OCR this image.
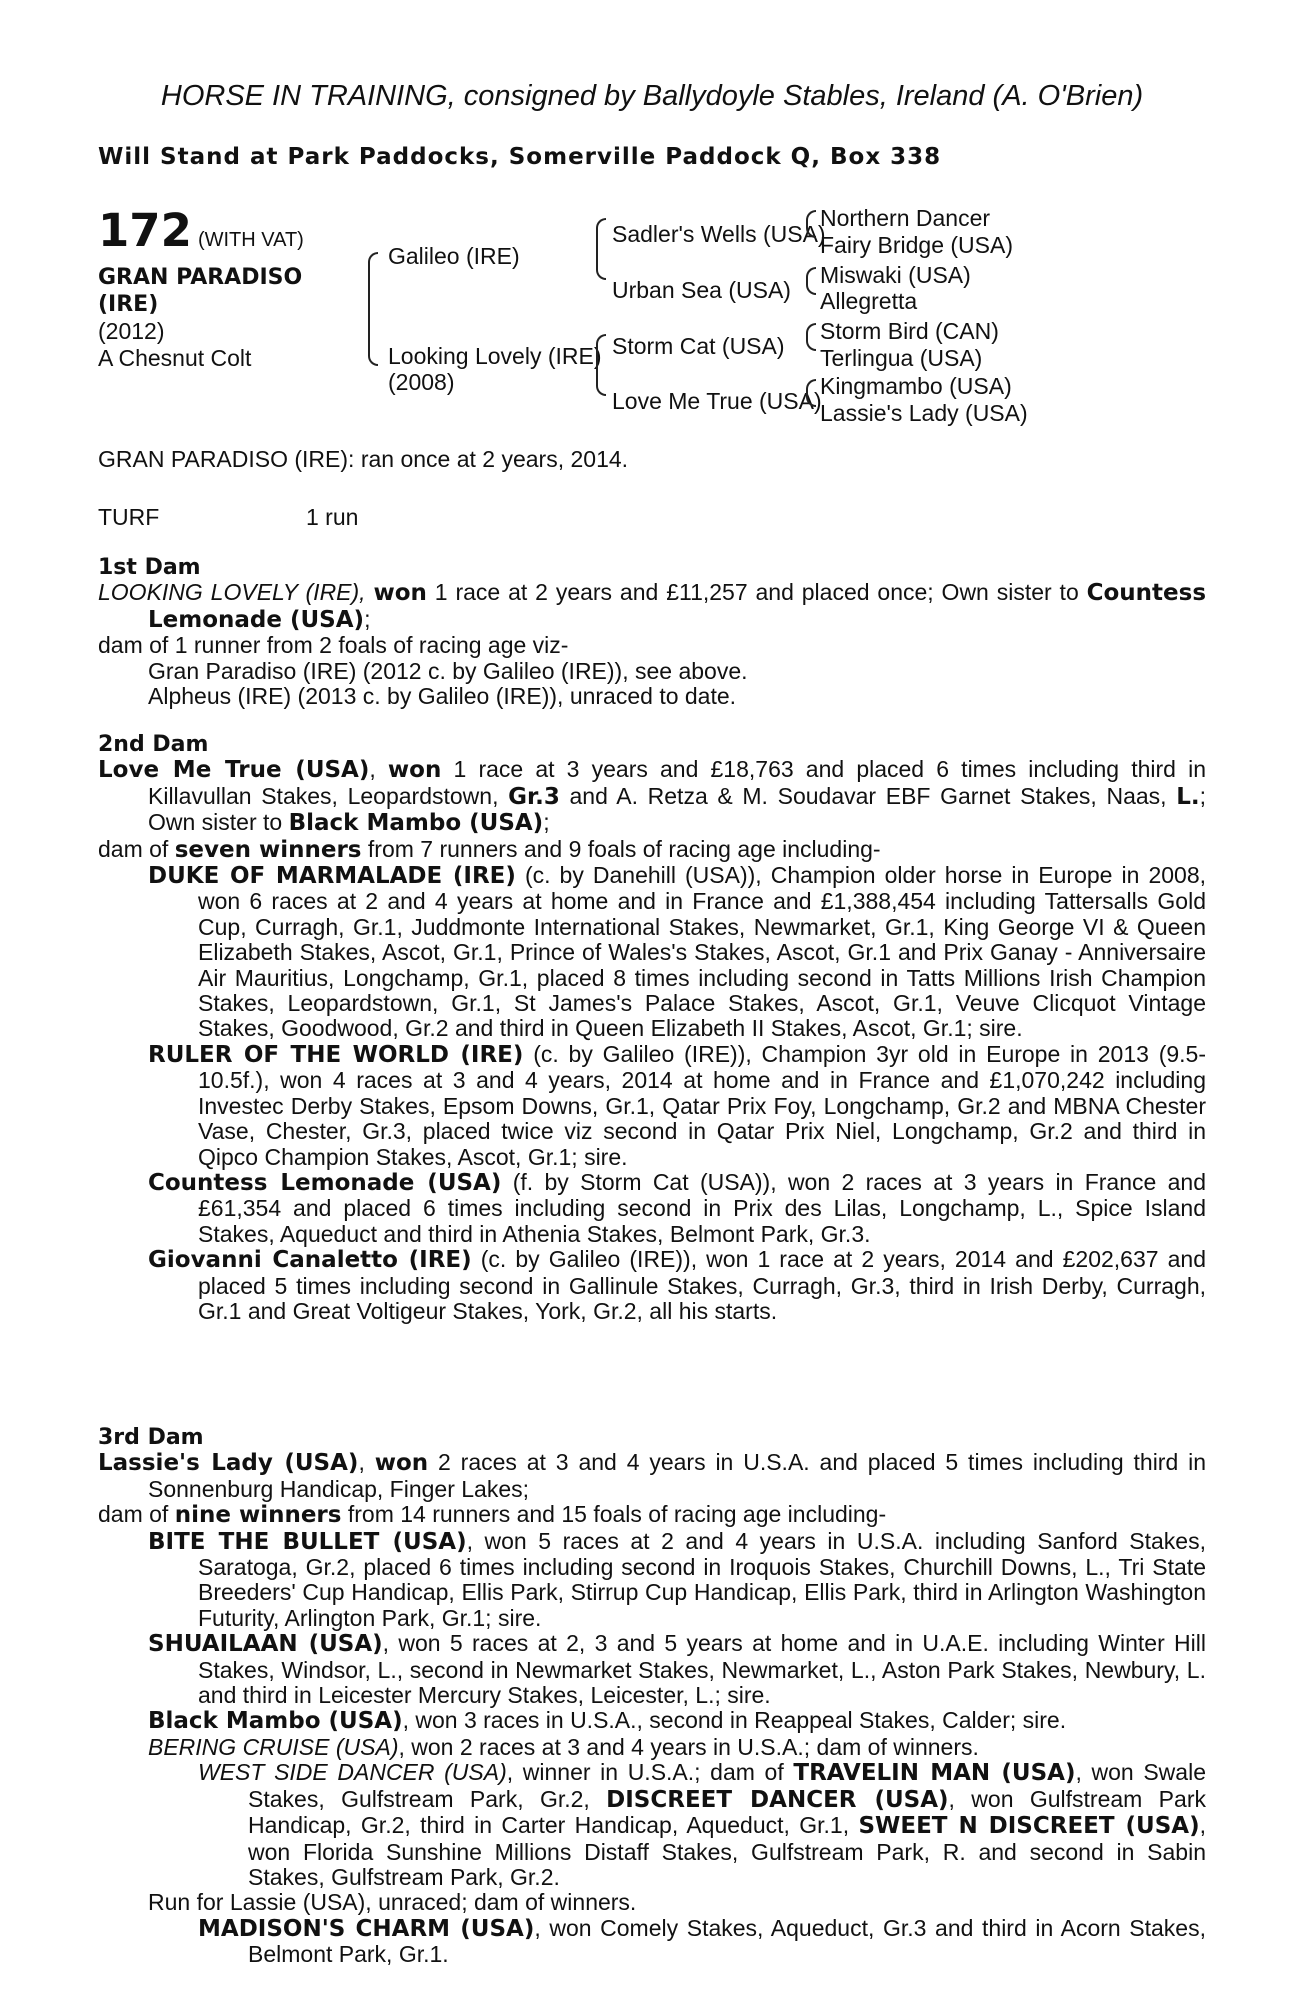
HORSE IN TRAINING, consigned by Ballydoyle Stables, Ireland (A. O'Brien)
Will Stand at Park Paddocks, Somerville Paddock Q, Box 338
172 (WITH VAT)
GRAN PARADISO
(IRE)
(2012)
A Chesnut Colt
Galileo (IRE)
Looking Lovely (IRE)
(2008)
Sadler's Wells (USA)
Urban Sea (USA)
Storm Cat (USA)
Love Me True (USA)
Northern Dancer
Fairy Bridge (USA)
Miswaki (USA)
Allegretta
Storm Bird (CAN)
Terlingua (USA)
Kingmambo (USA)
Lassie's Lady (USA)
GRAN PARADISO (IRE): ran once at 2 years, 2014.
TURF	1 run

1st Dam

LOOKING LOVELY (IRE), won 1 race at 2 years and £11,257 and placed once; Own sister to Countess Lemonade (USA);

dam of 1 runner from 2 foals of racing age viz-

Gran Paradiso (IRE) (2012 c. by Galileo (IRE)), see above.

Alpheus (IRE) (2013 c. by Galileo (IRE)), unraced to date.

2nd Dam

Love Me True (USA), won 1 race at 3 years and £18,763 and placed 6 times including third in Killavullan Stakes, Leopardstown, Gr.3 and A. Retza & M. Soudavar EBF Garnet Stakes, Naas, L.; Own sister to Black Mambo (USA);

dam of seven winners from 7 runners and 9 foals of racing age including-

DUKE OF MARMALADE (IRE) (c. by Danehill (USA)), Champion older horse in Europe in 2008, won 6 races at 2 and 4 years at home and in France and £1,388,454 including Tattersalls Gold Cup, Curragh, Gr.1, Juddmonte International Stakes, Newmarket, Gr.1, King George VI & Queen Elizabeth Stakes, Ascot, Gr.1, Prince of Wales's Stakes, Ascot, Gr.1 and Prix Ganay - Anniversaire Air Mauritius, Longchamp, Gr.1, placed 8 times including second in Tatts Millions Irish Champion Stakes, Leopardstown, Gr.1, St James's Palace Stakes, Ascot, Gr.1, Veuve Clicquot Vintage Stakes, Goodwood, Gr.2 and third in Queen Elizabeth II Stakes, Ascot, Gr.1; sire.

RULER OF THE WORLD (IRE) (c. by Galileo (IRE)), Champion 3yr old in Europe in 2013 (9.5-10.5f.), won 4 races at 3 and 4 years, 2014 at home and in France and £1,070,242 including Investec Derby Stakes, Epsom Downs, Gr.1, Qatar Prix Foy, Longchamp, Gr.2 and MBNA Chester Vase, Chester, Gr.3, placed twice viz second in Qatar Prix Niel, Longchamp, Gr.2 and third in Qipco Champion Stakes, Ascot, Gr.1; sire.

Countess Lemonade (USA) (f. by Storm Cat (USA)), won 2 races at 3 years in France and £61,354 and placed 6 times including second in Prix des Lilas, Longchamp, L., Spice Island Stakes, Aqueduct and third in Athenia Stakes, Belmont Park, Gr.3.

Giovanni Canaletto (IRE) (c. by Galileo (IRE)), won 1 race at 2 years, 2014 and £202,637 and placed 5 times including second in Gallinule Stakes, Curragh, Gr.3, third in Irish Derby, Curragh, Gr.1 and Great Voltigeur Stakes, York, Gr.2, all his starts.

3rd Dam

Lassie's Lady (USA), won 2 races at 3 and 4 years in U.S.A. and placed 5 times including third in Sonnenburg Handicap, Finger Lakes;

dam of nine winners from 14 runners and 15 foals of racing age including-

BITE THE BULLET (USA), won 5 races at 2 and 4 years in U.S.A. including Sanford Stakes, Saratoga, Gr.2, placed 6 times including second in Iroquois Stakes, Churchill Downs, L., Tri State Breeders' Cup Handicap, Ellis Park, Stirrup Cup Handicap, Ellis Park, third in Arlington Washington Futurity, Arlington Park, Gr.1; sire.

SHUAILAAN (USA), won 5 races at 2, 3 and 5 years at home and in U.A.E. including Winter Hill Stakes, Windsor, L., second in Newmarket Stakes, Newmarket, L., Aston Park Stakes, Newbury, L. and third in Leicester Mercury Stakes, Leicester, L.; sire.

Black Mambo (USA), won 3 races in U.S.A., second in Reappeal Stakes, Calder; sire.

BERING CRUISE (USA), won 2 races at 3 and 4 years in U.S.A.; dam of winners.

WEST SIDE DANCER (USA), winner in U.S.A.; dam of TRAVELIN MAN (USA), won Swale Stakes, Gulfstream Park, Gr.2, DISCREET DANCER (USA), won Gulfstream Park Handicap, Gr.2, third in Carter Handicap, Aqueduct, Gr.1, SWEET N DISCREET (USA), won Florida Sunshine Millions Distaff Stakes, Gulfstream Park, R. and second in Sabin Stakes, Gulfstream Park, Gr.2.

Run for Lassie (USA), unraced; dam of winners.

MADISON'S CHARM (USA), won Comely Stakes, Aqueduct, Gr.3 and third in Acorn Stakes, Belmont Park, Gr.1.
